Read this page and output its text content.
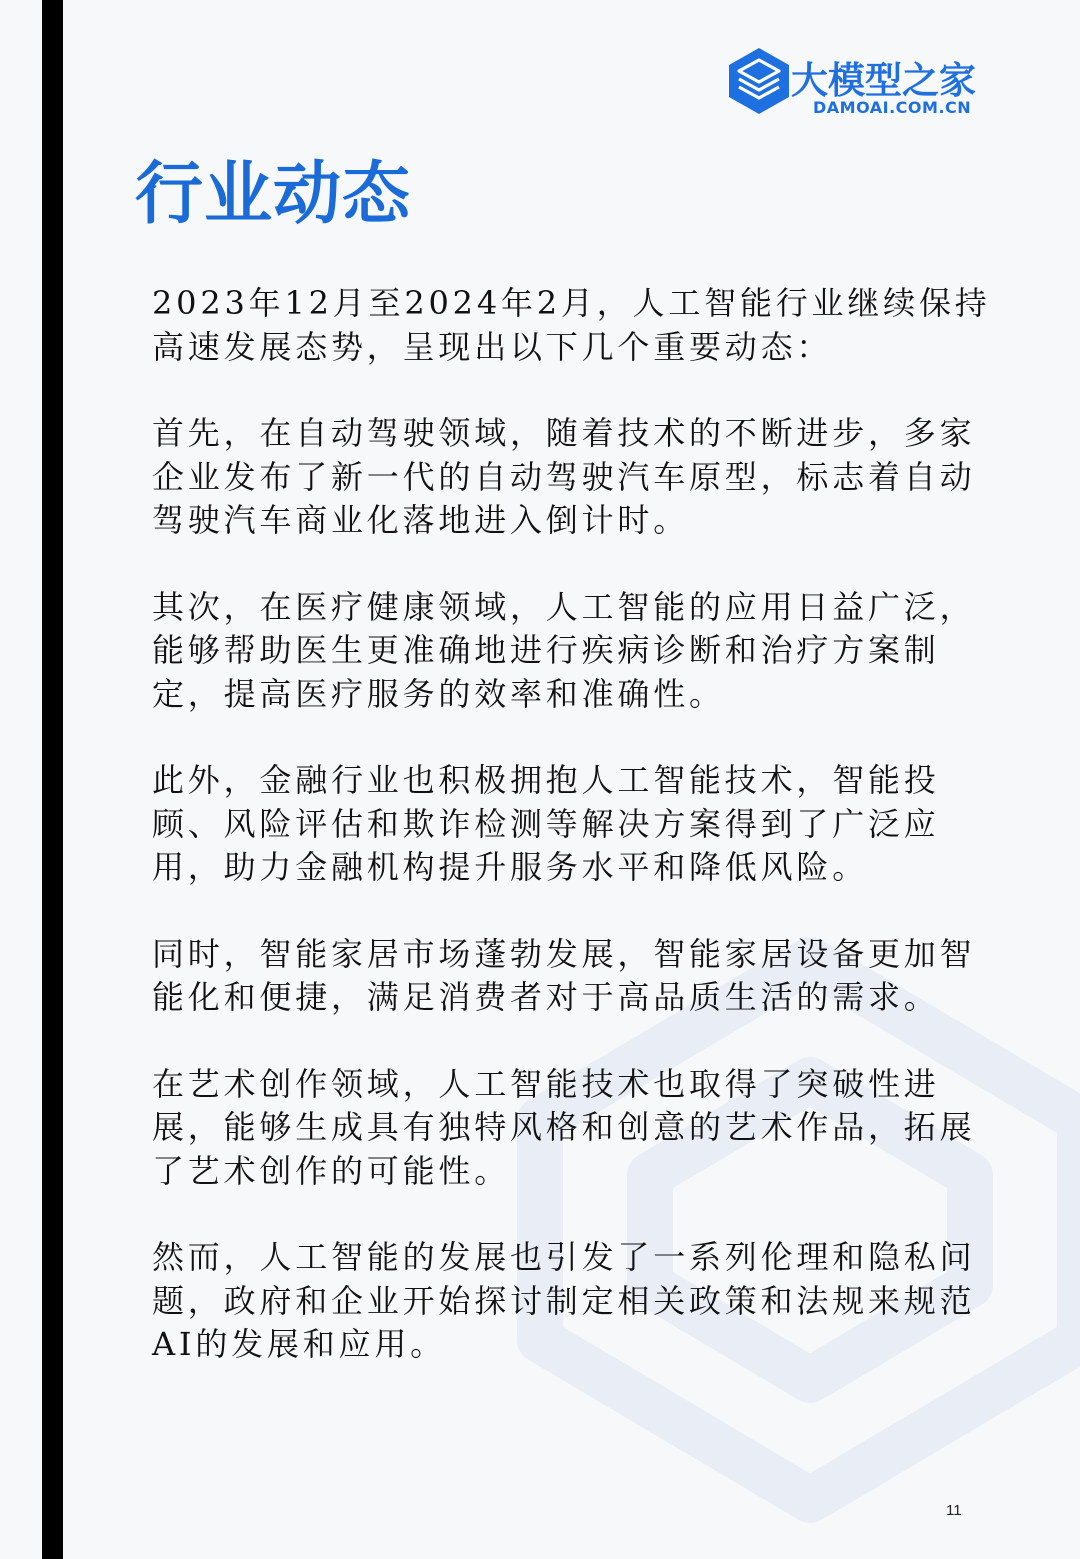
大模型之家
DAMOAI.COM.CN
行业动态

2023年12月至2024年2月，人工智能行业继续保持高速发展态势，呈现出以下几个重要动态：

首先，在自动驾驶领域，随着技术的不断进步，多家企业发布了新一代的自动驾驶汽车原型，标志着自动驾驶汽车商业化落地进入倒计时。

其次，在医疗健康领域，人工智能的应用日益广泛，能够帮助医生更准确地进行疾病诊断和治疗方案制定，提高医疗服务的效率和准确性。

此外，金融行业也积极拥抱人工智能技术，智能投顾、风险评估和欺诈检测等解决方案得到了广泛应用，助力金融机构提升服务水平和降低风险。

同时，智能家居市场蓬勃发展，智能家居设备更加智能化和便捷，满足消费者对于高品质生活的需求。

在艺术创作领域，人工智能技术也取得了突破性进展，能够生成具有独特风格和创意的艺术作品，拓展了艺术创作的可能性。

然而，人工智能的发展也引发了一系列伦理和隐私问题，政府和企业开始探讨制定相关政策和法规来规范AI的发展和应用。

11
